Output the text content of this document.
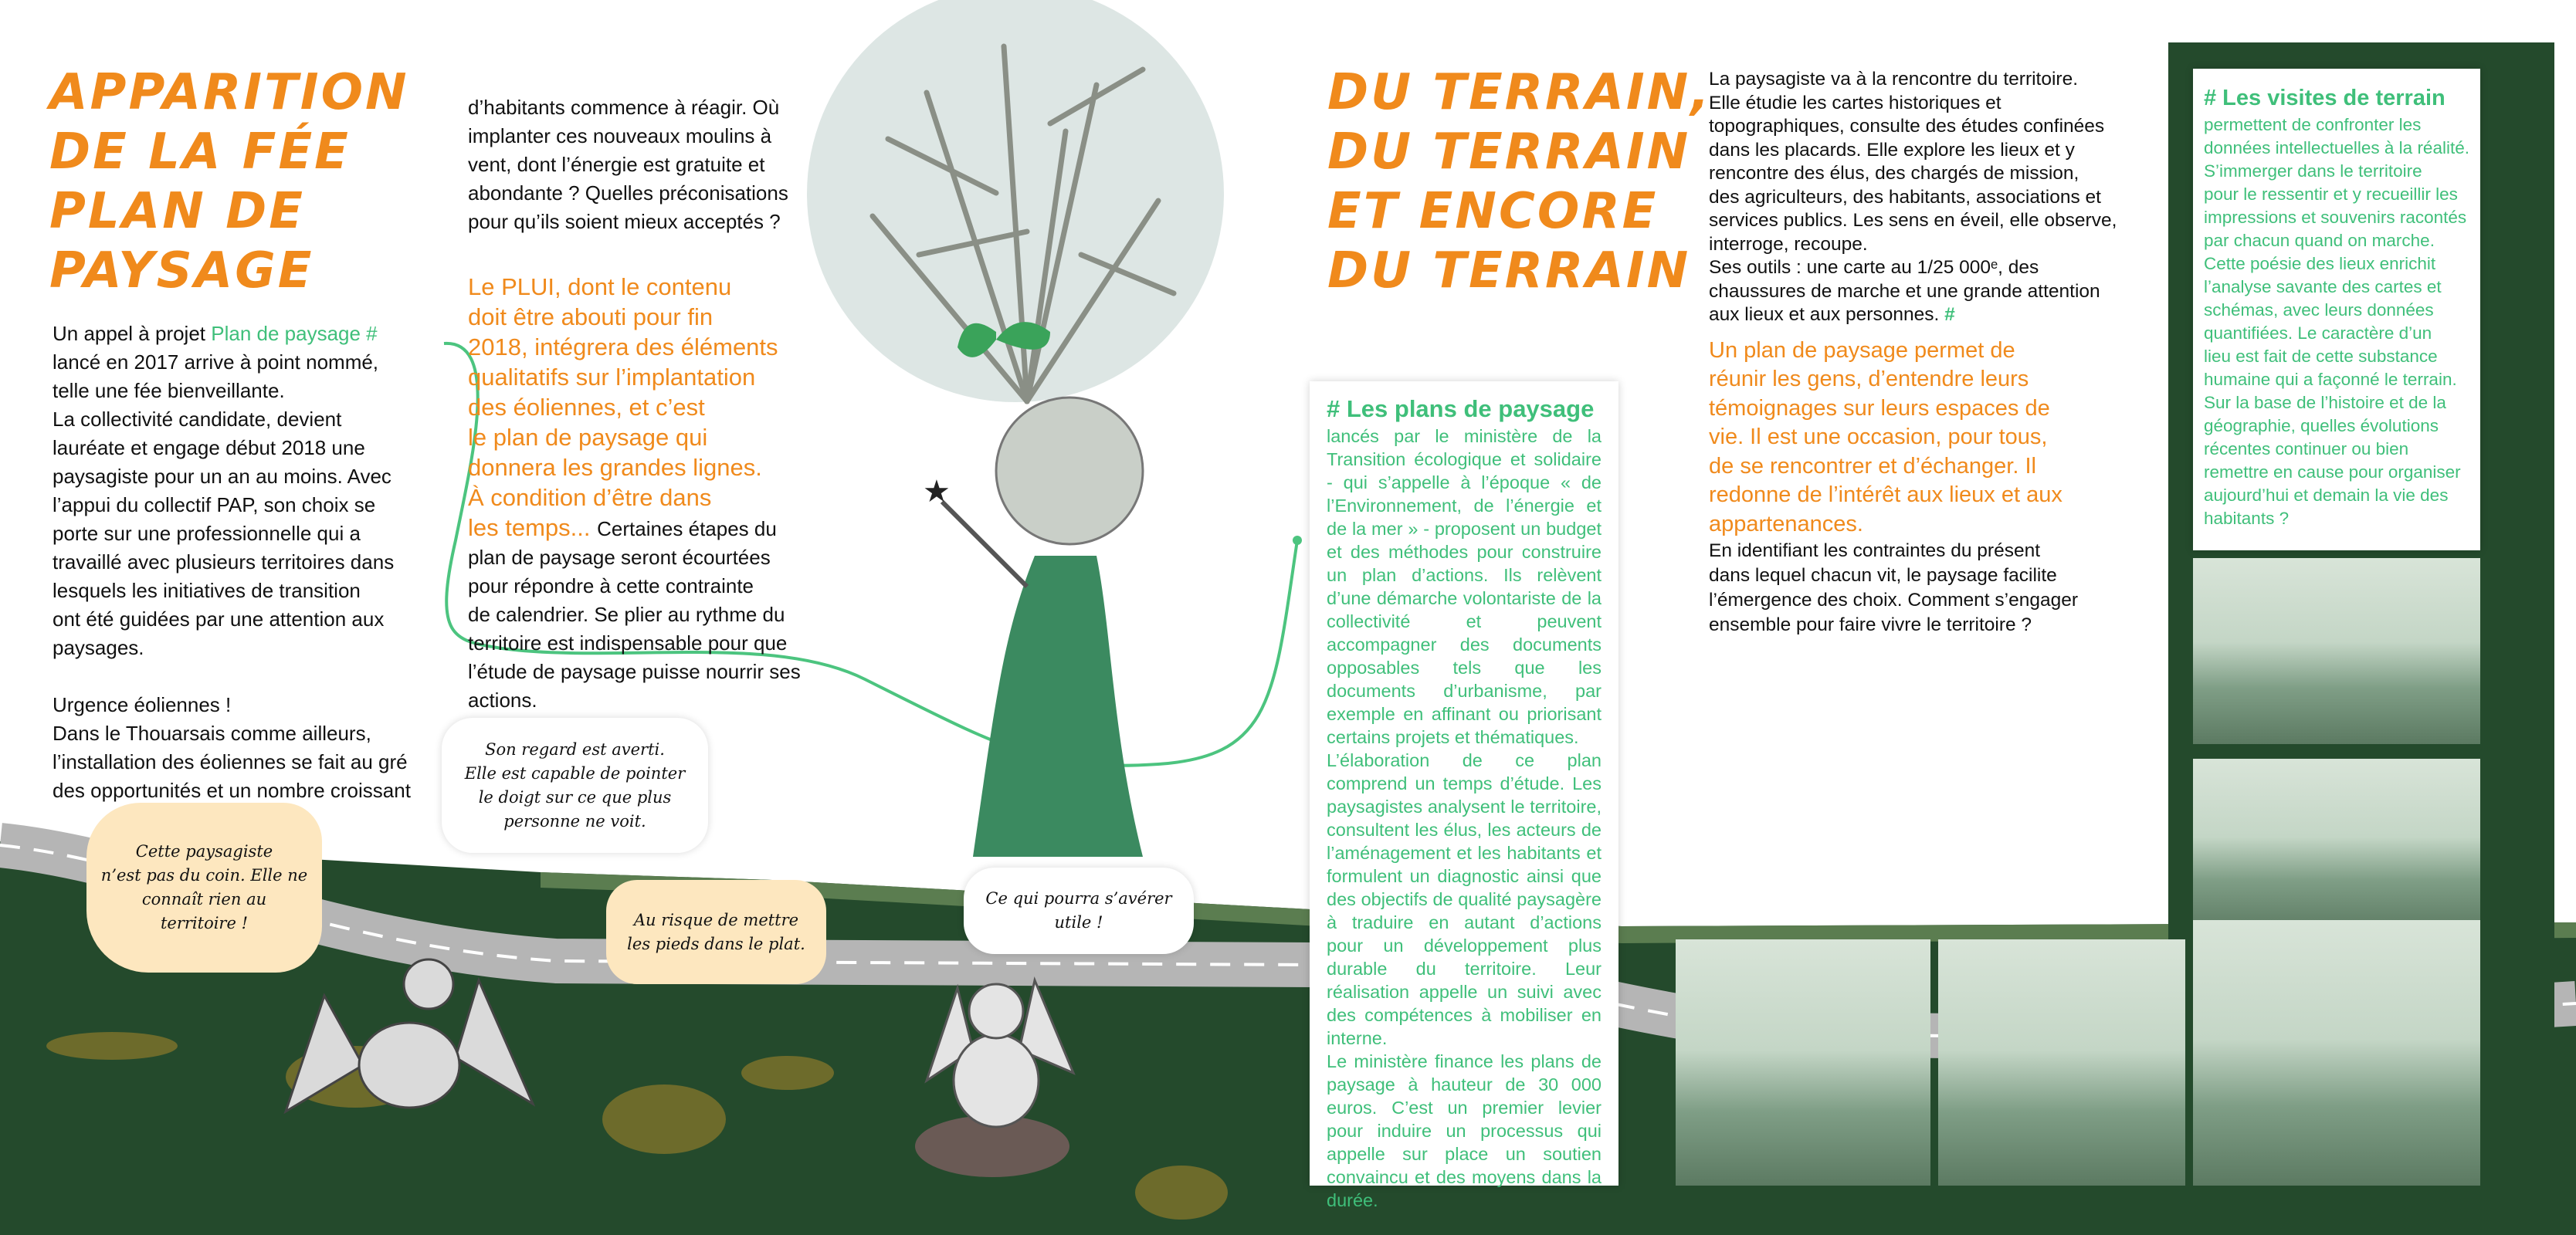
★
APPARITION
DE LA FÉE
PLAN DE
PAYSAGE
Un appel à projet Plan de paysage #
lancé en 2017 arrive à point nommé,
telle une fée bienveillante.
La collectivité candidate, devient
lauréate et engage début 2018 une
paysagiste pour un an au moins. Avec
l’appui du collectif PAP, son choix se
porte sur une professionnelle qui a
travaillé avec plusieurs territoires dans
lesquels les initiatives de transition
ont été guidées par une attention aux
paysages.

Urgence éoliennes !
Dans le Thouarsais comme ailleurs,
l’installation des éoliennes se fait au gré
des opportunités et un nombre croissant

d’habitants commence à réagir. Où
implanter ces nouveaux moulins à
vent, dont l’énergie est gratuite et
abondante ? Quelles préconisations
pour qu’ils soient mieux acceptés ?

Le PLUI, dont le contenu
doit être abouti pour fin
2018, intégrera des éléments
qualitatifs sur l’implantation
des éoliennes, et c’est
le plan de paysage qui
donnera les grandes lignes.
À condition d’être dans
les temps... Certaines étapes du
plan de paysage seront écourtées
pour répondre à cette contrainte
de calendrier. Se plier au rythme du
territoire est indispensable pour que
l’étude de paysage puisse nourrir ses
actions.

DU TERRAIN,
DU TERRAIN
ET ENCORE
DU TERRAIN
La paysagiste va à la rencontre du territoire.
Elle étudie les cartes historiques et
topographiques, consulte des études confinées
dans les placards. Elle explore les lieux et y
rencontre des élus, des chargés de mission,
des agriculteurs, des habitants, associations et
services publics. Les sens en éveil, elle observe,
interroge, recoupe.
Ses outils : une carte au 1/25 000ᵉ, des
chaussures de marche et une grande attention
aux lieux et aux personnes. #
Un plan de paysage permet de
réunir les gens, d’entendre leurs
témoignages sur leurs espaces de
vie. Il est une occasion, pour tous,
de se rencontrer et d’échanger. Il
redonne de l’intérêt aux lieux et aux
appartenances.
En identifiant les contraintes du présent
dans lequel chacun vit, le paysage facilite
l’émergence des choix. Comment s’engager
ensemble pour faire vivre le territoire ?
# Les plans de paysage

lancés par le ministère de la Transition écologique et solidaire - qui s’appelle à l’époque « de l’Environnement, de l’énergie et de la mer » - proposent un budget et des méthodes pour construire un plan d’actions. Ils relèvent d’une démarche volontariste de la collectivité et peuvent accompagner des documents opposables tels que les documents d’urbanisme, par exemple en affinant ou priorisant certains projets et thématiques.

L’élaboration de ce plan comprend un temps d’étude. Les paysagistes analysent le territoire, consultent les élus, les acteurs de l’aménagement et les habitants et formulent un diagnostic ainsi que des objectifs de qualité paysagère à traduire en autant d’actions pour un développement plus durable du territoire. Leur réalisation appelle un suivi avec des compétences à mobiliser en interne.

Le ministère finance les plans de paysage à hauteur de 30 000 euros. C’est un premier levier pour induire un processus qui appelle sur place un soutien convaincu et des moyens dans la durée.

# Les visites de terrain
permettent de confronter les
données intellectuelles à la réalité.
S’immerger dans le territoire
pour le ressentir et y recueillir les
impressions et souvenirs racontés
par chacun quand on marche.
Cette poésie des lieux enrichit
l’analyse savante des cartes et
schémas, avec leurs données
quantifiées. Le caractère d’un
lieu est fait de cette substance
humaine qui a façonné le terrain.
Sur la base de l’histoire et de la
géographie, quelles évolutions
récentes continuer ou bien
remettre en cause pour organiser
aujourd’hui et demain la vie des
habitants ?
Cette paysagiste
n’est pas du coin. Elle ne
connaît rien au
territoire !
Son regard est averti.
Elle est capable de pointer
le doigt sur ce que plus
personne ne voit.
Au risque de mettre
les pieds dans le plat.
Ce qui pourra s’avérer
utile !
